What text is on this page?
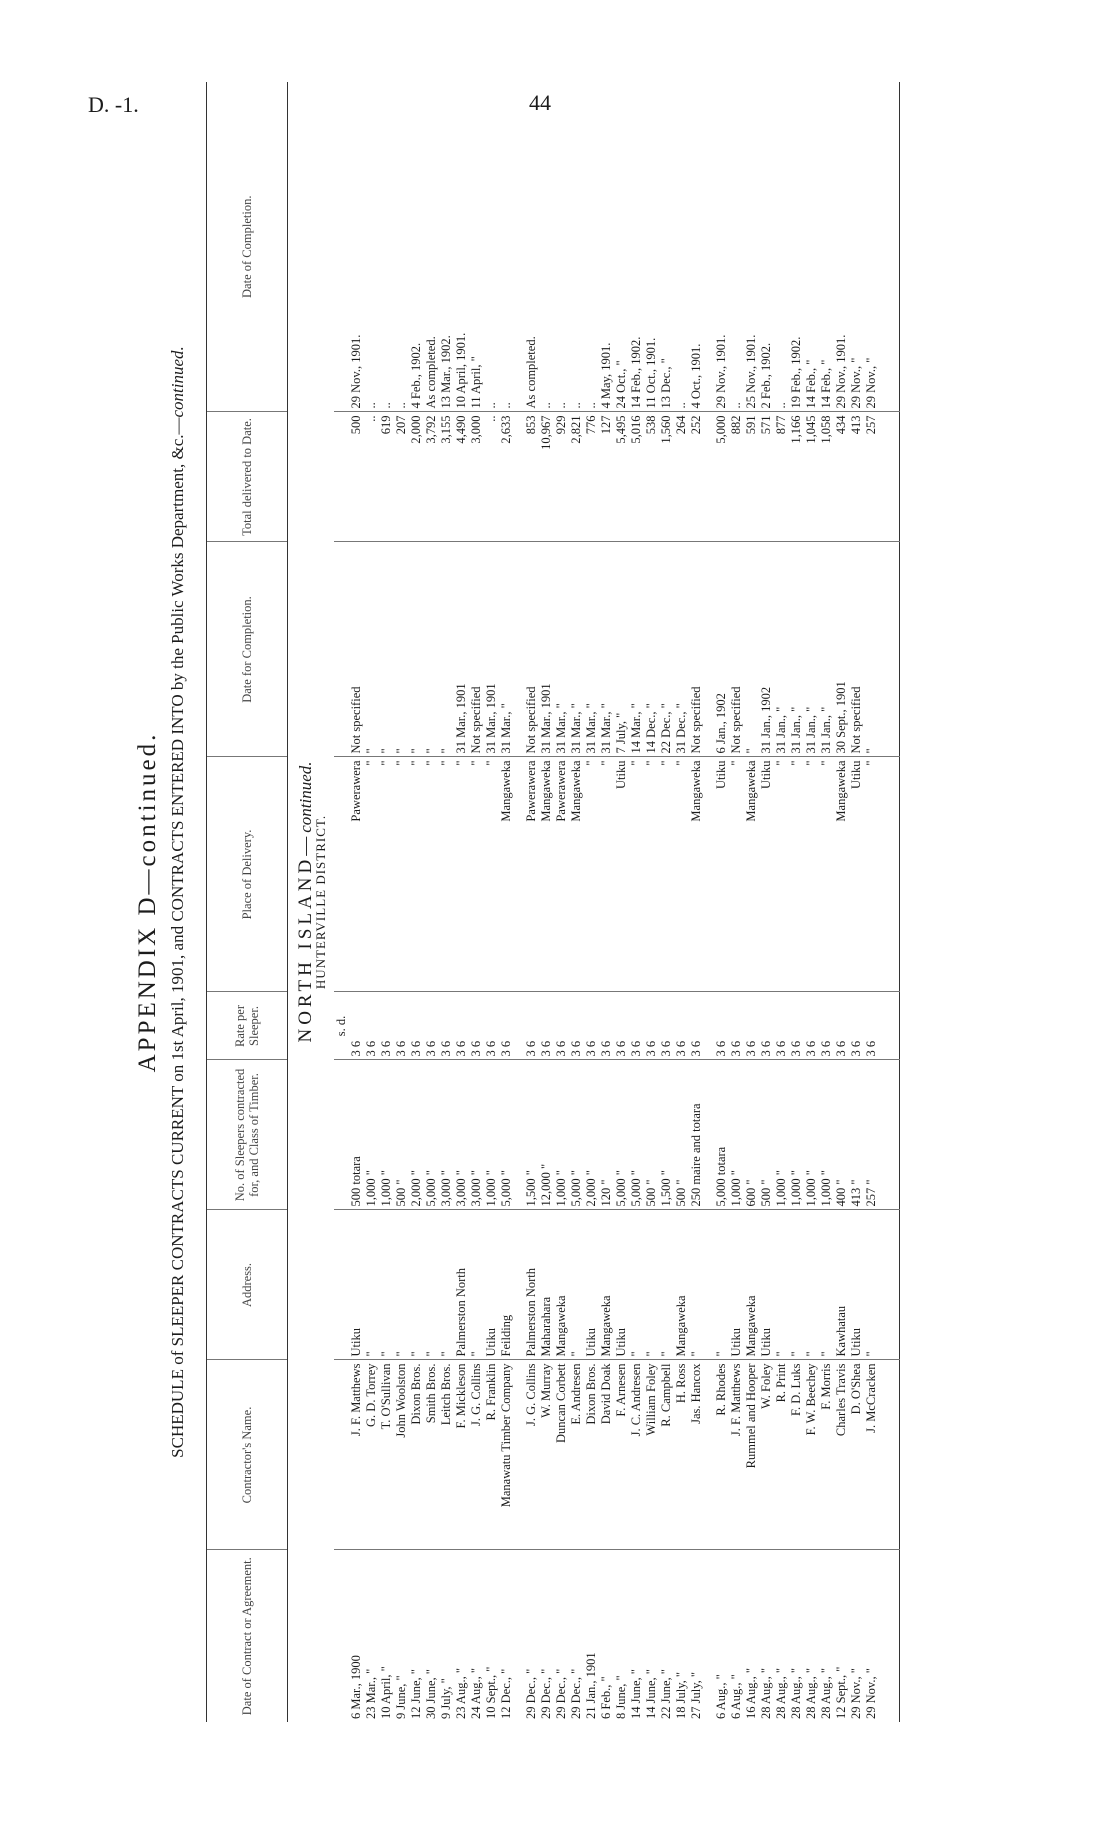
D. -1.	44
APPENDIX D—continued. SCHEDULE of SLEEPER CONTRACTS CURRENT on 1st April, 1901, and CONTRACTS ENTERED INTO by the Public Works Department, &c.—continued.
Date of Contract or Agreement.	Contractor's Name.	Address.	No. of Sleepers contracted for, and Class of Timber.	Rate per Sleeper.	Place of Delivery.	Date for Completion.	Total delivered to Date.	Date of Completion.
NORTH ISLAND—continued.								
HUNTERVILLE DISTRICT.								
				s. d.				
6 Mar., 1900	J. F. Matthews	Utiku	500 totara	3 6	Pawerawera	Not specified	500	29 Nov., 1901.
23 Mar., "	G. D. Torrey	"	1,000 "	3 6	"	"	..	..
10 April, "	T. O'Sullivan	"	1,000 "	3 6	"	"	619	..
9 June, "	John Woolston	"	500 "	3 6	"	"	207	..
12 June, "	Dixon Bros.	"	2,000 "	3 6	"	"	2,000	4 Feb., 1902.
30 June, "	Smith Bros.	"	5,000 "	3 6	"	"	3,792	As completed.
9 July, "	Leitch Bros.	"	3,000 "	3 6	"	"	3,155	13 Mar., 1902.
23 Aug., "	F. Mickleson	Palmerston North	3,000 "	3 6	"	31 Mar., 1901	4,490	10 April, 1901.
24 Aug., "	J. G. Collins	"	3,000 "	3 6	"	Not specified	3,000	11 April, "
10 Sept., "	R. Franklin	Utiku	1,000 "	3 6	"	31 Mar., 1901	..	..
12 Dec., "	Manawatu Timber Company	Feilding	5,000 "	3 6	Mangaweka	31 Mar., "	2,633	..

29 Dec., "	J. G. Collins	Palmerston North	1,500 "	3 6	Pawerawera	Not specified	853	As completed.
29 Dec., "	W. Murray	Maharahara	12,000 "	3 6	Mangaweka	31 Mar., 1901	10,967	..
29 Dec., "	Duncan Corbett	Mangaweka	1,000 "	3 6	Pawerawera	31 Mar., "	929	..
29 Dec., "	E. Andresen	"	5,000 "	3 6	Mangaweka	31 Mar., "	2,821	..
21 Jan., 1901	Dixon Bros.	Utiku	2,000 "	3 6	"	31 Mar., "	776	..
6 Feb., "	David Doak	Mangaweka	120 "	3 6	"	31 Mar., "	127	4 May, 1901.
8 June, "	F. Arnesen	Utiku	5,000 "	3 6	Utiku	7 July, "	5,495	24 Oct., "
14 June, "	J. C. Andresen	"	5,000 "	3 6	"	14 Mar., "	5,016	14 Feb., 1902.
14 June, "	William Foley	"	500 "	3 6	"	14 Dec., "	538	11 Oct., 1901.
22 June, "	R. Campbell	"	1,500 "	3 6	"	22 Dec., "	1,560	13 Dec., "
18 July, "	H. Ross	Mangaweka	500 "	3 6	"	31 Dec., "	264	..
27 July, "	Jas. Hancox	"	250 maire and totara	3 6	Mangaweka	Not specified	252	4 Oct., 1901.

6 Aug., "	R. Rhodes	"	5,000 totara	3 6	Utiku	6 Jan., 1902	5,000	29 Nov., 1901.
6 Aug., "	J. F. Matthews	Utiku	1,000 "	3 6	"	Not specified	882	..
16 Aug., "	Rummel and Hooper	Mangaweka	600 "	3 6	Mangaweka	"	591	25 Nov., 1901.
28 Aug., "	W. Foley	Utiku	500 "	3 6	Utiku	31 Jan., 1902	571	2 Feb., 1902.
28 Aug., "	R. Print	"	1,000 "	3 6	"	31 Jan., "	877	..
28 Aug., "	F. D. Luks	"	1,000 "	3 6	"	31 Jan., "	1,166	19 Feb., 1902.
28 Aug., "	F. W. Beechey	"	1,000 "	3 6	"	31 Jan., "	1,045	14 Feb., "
28 Aug., "	F. Morris	"	1,000 "	3 6	"	31 Jan., "	1,058	14 Feb., "
12 Sept., "	Charles Travis	Kawhatau	400 "	3 6	Mangaweka	30 Sept., 1901	434	29 Nov., 1901.
29 Nov., "	D. O'Shea	Utiku	413 "	3 6	Utiku	Not specified	413	29 Nov., "
29 Nov., "	J. McCracken	"	257 "	3 6	"	"	257	29 Nov., "
